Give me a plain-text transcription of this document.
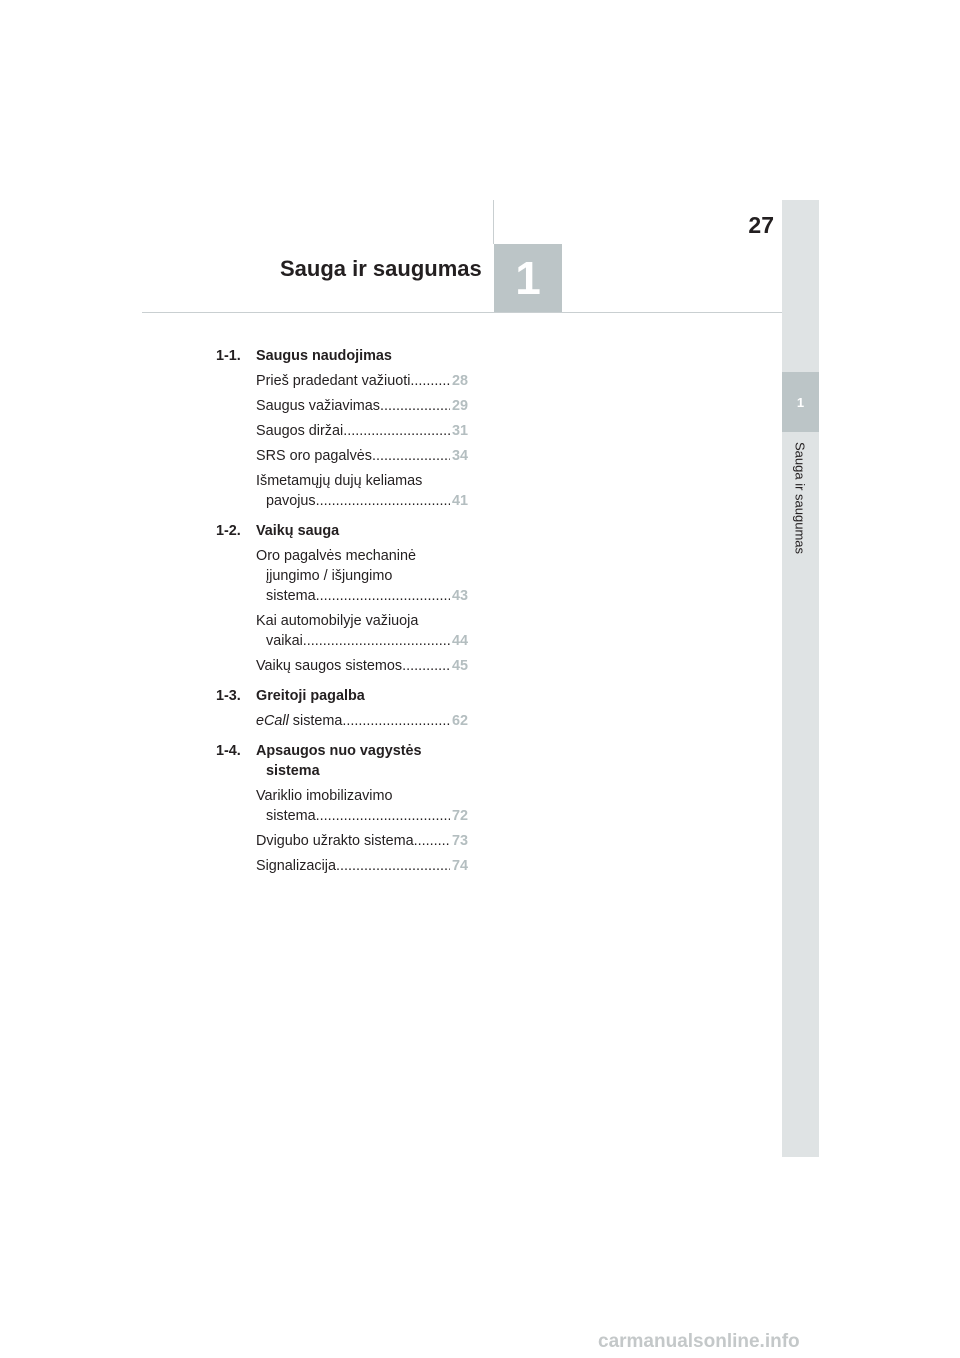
27
Sauga ir saugumas 1
1
Sauga ir saugumas
1-1. Saugus naudojimas
Prieš pradedant važiuoti .....	28
Saugus važiavimas .....	29
Saugos diržai .....	31
SRS oro pagalvės .....	34
Išmetamųjų dujų keliamas
pavojus .....	41
1-2. Vaikų sauga
Oro pagalvės mechaninė
įjungimo / išjungimo
sistema .....	43
Kai automobilyje važiuoja
vaikai .....	44
Vaikų saugos sistemos .....	45
1-3. Greitoji pagalba
eCall sistema .....	62
1-4. Apsaugos nuo vagystės
sistema
Variklio imobilizavimo
sistema .....	72
Dvigubo užrakto sistema .....	73
Signalizacija .....	74
carmanualsonline.info
